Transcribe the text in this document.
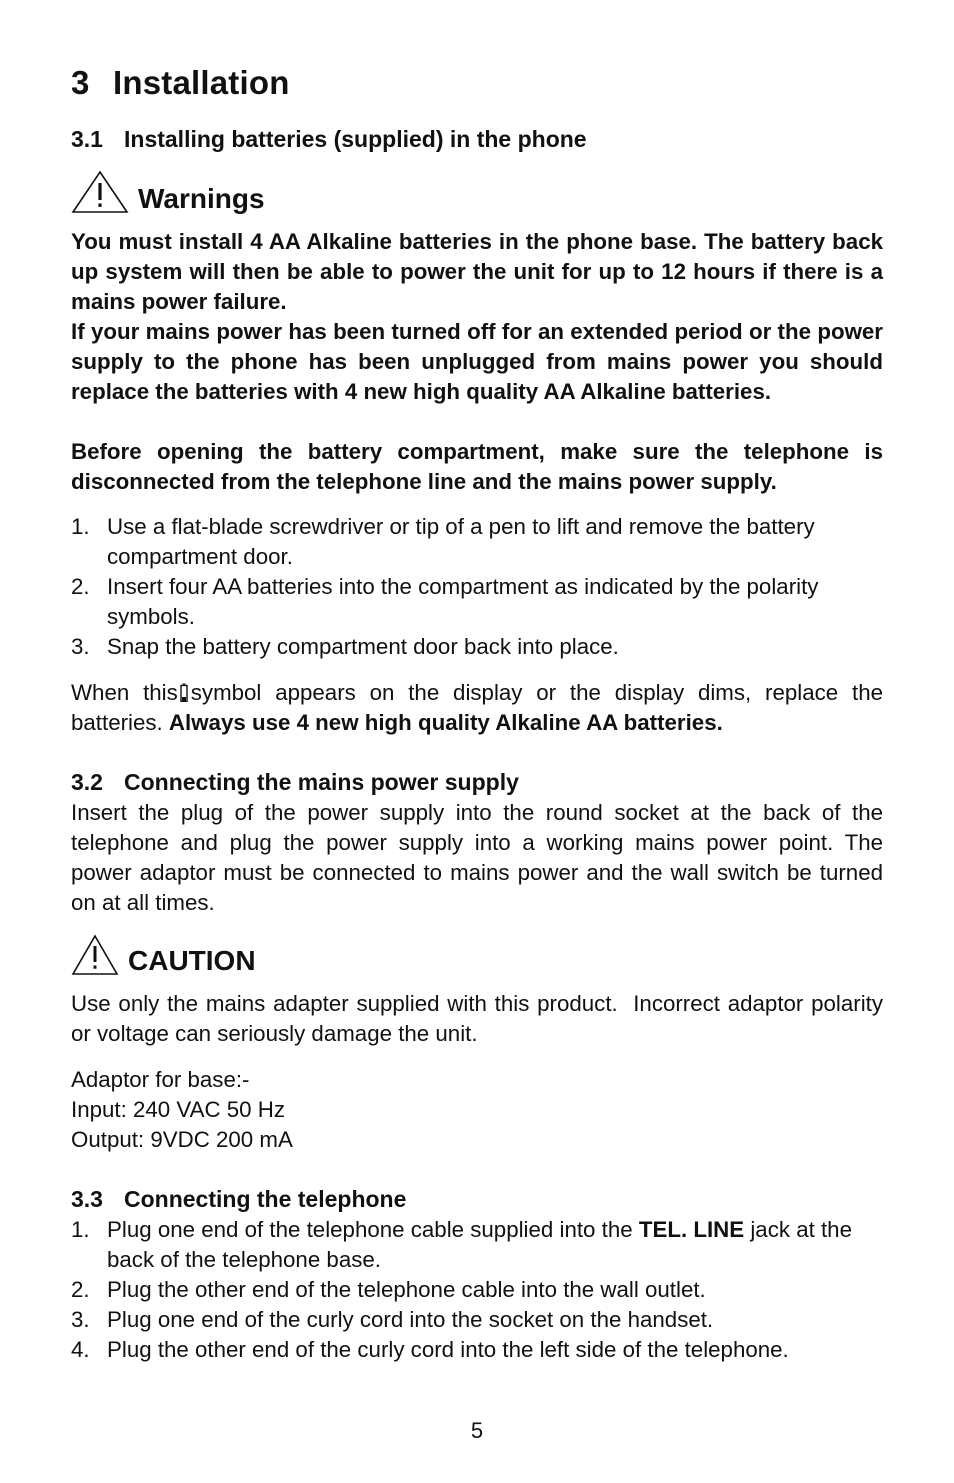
3 Installation
3.1 Installing batteries (supplied) in the phone
Warnings
You must install 4 AA Alkaline batteries in the phone base. The battery back up system will then be able to power the unit for up to 12 hours if there is a mains power failure.
If your mains power has been turned off for an extended period or the power supply to the phone has been unplugged from mains power you should replace the batteries with 4 new high quality AA Alkaline batteries.
Before opening the battery compartment, make sure the telephone is disconnected from the telephone line and the mains power supply.
1. Use a flat-blade screwdriver or tip of a pen to lift and remove the battery compartment door.
2. Insert four AA batteries into the compartment as indicated by the polarity symbols.
3. Snap the battery compartment door back into place.
When this symbol appears on the display or the display dims, replace the batteries. Always use 4 new high quality Alkaline AA batteries.
3.2 Connecting the mains power supply
Insert the plug of the power supply into the round socket at the back of the telephone and plug the power supply into a working mains power point. The power adaptor must be connected to mains power and the wall switch be turned on at all times.
CAUTION
Use only the mains adapter supplied with this product.  Incorrect adaptor polarity or voltage can seriously damage the unit.
Adaptor for base:-
Input: 240 VAC 50 Hz
Output: 9VDC 200 mA
3.3 Connecting the telephone
1. Plug one end of the telephone cable supplied into the TEL. LINE jack at the back of the telephone base.
2. Plug the other end of the telephone cable into the wall outlet.
3. Plug one end of the curly cord into the socket on the handset.
4. Plug the other end of the curly cord into the left side of the telephone.
5
